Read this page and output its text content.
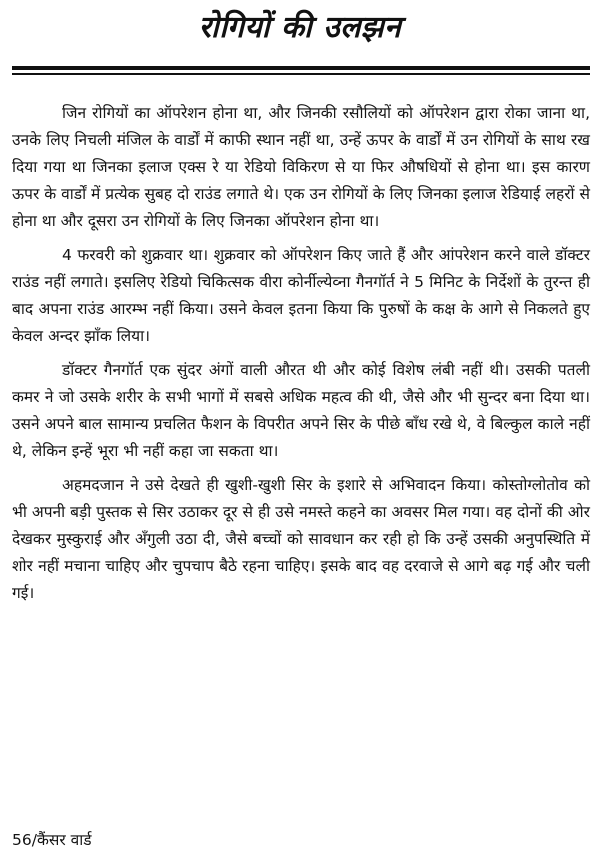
रोगियों की उलझन

जिन रोगियों का ऑपरेशन होना था, और जिनकी रसौलियों को ऑपरेशन द्वारा रोका जाना था, उनके लिए निचली मंजिल के वार्डों में काफी स्थान नहीं था, उन्हें ऊपर के वार्डों में उन रोगियों के साथ रख दिया गया था जिनका इलाज एक्स रे या रेडियो विकिरण से या फिर औषधियों से होना था। इस कारण ऊपर के वार्डों में प्रत्येक सुबह दो राउंड लगाते थे। एक उन रोगियों के लिए जिनका इलाज रेडियाई लहरों से होना था और दूसरा उन रोगियों के लिए जिनका ऑपरेशन होना था।

4 फरवरी को शुक्रवार था। शुक्रवार को ऑपरेशन किए जाते हैं और आंपरेशन करने वाले डॉक्टर राउंड नहीं लगाते। इसलिए रेडियो चिकित्सक वीरा कोर्नील्येव्ना गैनगॉर्त ने 5 मिनिट के निर्देशों के तुरन्त ही बाद अपना राउंड आरम्भ नहीं किया। उसने केवल इतना किया कि पुरुषों के कक्ष के आगे से निकलते हुए केवल अन्दर झाँक लिया।

डॉक्टर गैनगॉर्त एक सुंदर अंगों वाली औरत थी और कोई विशेष लंबी नहीं थी। उसकी पतली कमर ने जो उसके शरीर के सभी भागों में सबसे अधिक महत्व की थी, जैसे और भी सुन्दर बना दिया था। उसने अपने बाल सामान्य प्रचलित फैशन के विपरीत अपने सिर के पीछे बाँध रखे थे, वे बिल्कुल काले नहीं थे, लेकिन इन्हें भूरा भी नहीं कहा जा सकता था।

अहमदजान ने उसे देखते ही खुशी-खुशी सिर के इशारे से अभिवादन किया। कोस्तोग्लोतोव को भी अपनी बड़ी पुस्तक से सिर उठाकर दूर से ही उसे नमस्ते कहने का अवसर मिल गया। वह दोनों की ओर देखकर मुस्कुराई और अँगुली उठा दी, जैसे बच्चों को सावधान कर रही हो कि उन्हें उसकी अनुपस्थिति में शोर नहीं मचाना चाहिए और चुपचाप बैठे रहना चाहिए। इसके बाद वह दरवाजे से आगे बढ़ गई और चली गई।

56/कैंसर वार्ड
